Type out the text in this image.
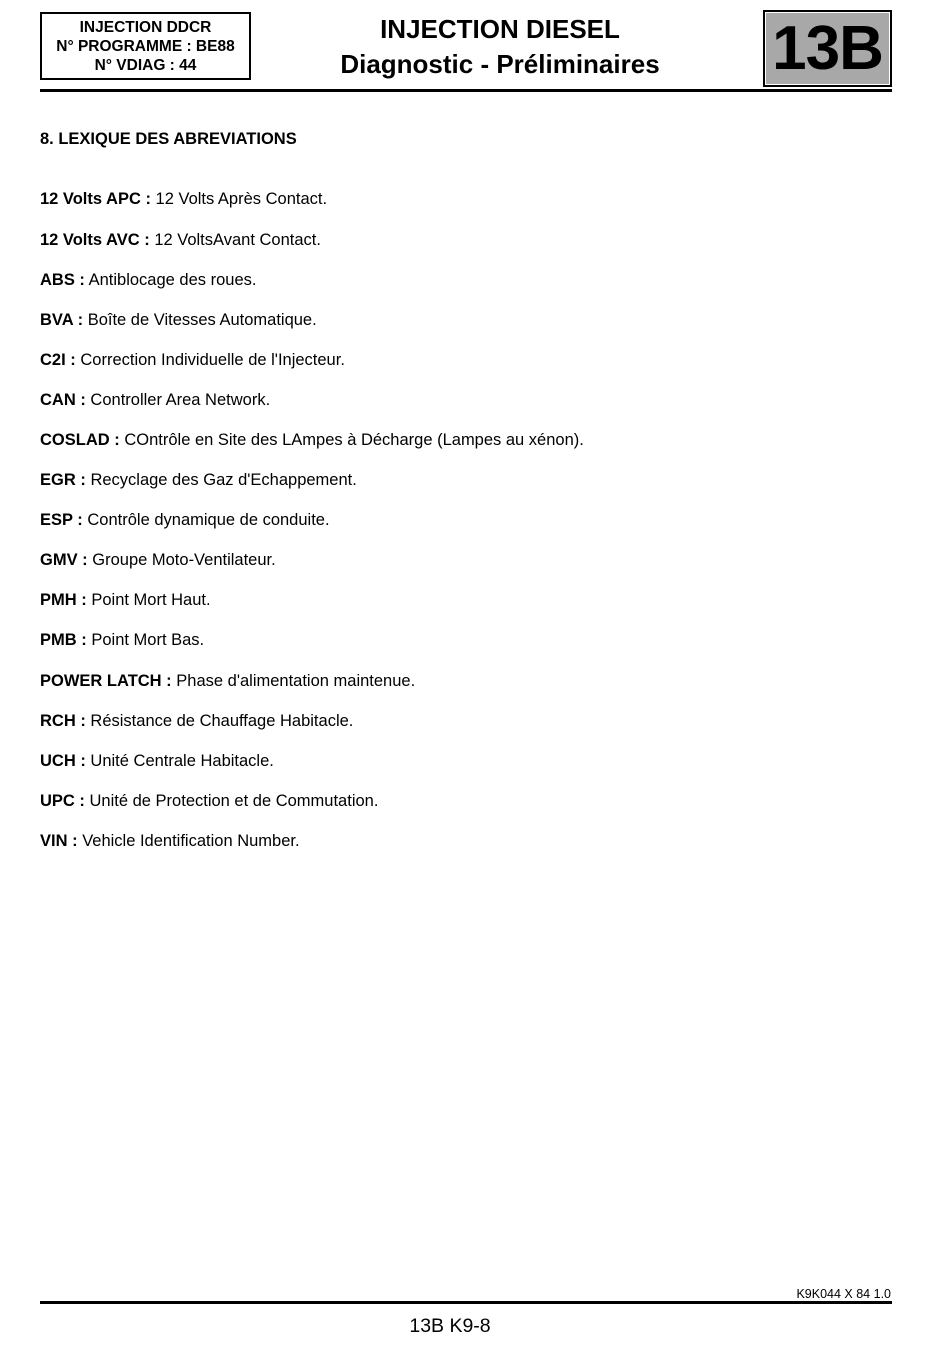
INJECTION DDCR
N° PROGRAMME : BE88
N° VDIAG : 44
INJECTION DIESEL
Diagnostic - Préliminaires	13B
8. LEXIQUE DES ABREVIATIONS
12 Volts APC : 12 Volts Après Contact.
12 Volts AVC : 12 VoltsAvant Contact.
ABS : Antiblocage des roues.
BVA : Boîte de Vitesses Automatique.
C2I : Correction Individuelle de l'Injecteur.
CAN : Controller Area Network.
COSLAD : COntrôle en Site des LAmpes à Décharge (Lampes au xénon).
EGR : Recyclage des Gaz d'Echappement.
ESP : Contrôle dynamique de conduite.
GMV : Groupe Moto-Ventilateur.
PMH : Point Mort Haut.
PMB : Point Mort Bas.
POWER LATCH : Phase d'alimentation maintenue.
RCH : Résistance de Chauffage Habitacle.
UCH : Unité Centrale Habitacle.
UPC : Unité de Protection et de Commutation.
VIN : Vehicle Identification Number.
K9K044 X 84 1.0
13B K9-8
